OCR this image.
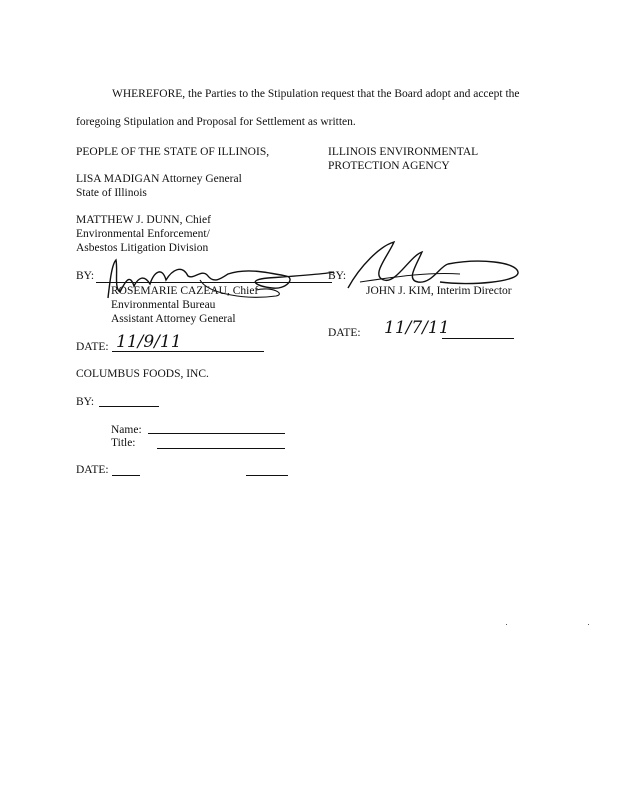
WHEREFORE, the Parties to the Stipulation request that the Board adopt and accept the
foregoing Stipulation and Proposal for Settlement as written.
PEOPLE OF THE STATE OF ILLINOIS,
LISA MADIGAN Attorney General
State of Illinois
MATTHEW J. DUNN, Chief
Environmental Enforcement/
Asbestos Litigation Division
BY:
ROSEMARIE CAZEAU, Chief
Environmental Bureau
Assistant Attorney General
DATE: 11/9/11
ILLINOIS ENVIRONMENTAL
PROTECTION AGENCY
BY:
JOHN J. KIM, Interim Director
DATE: 11/7/11
COLUMBUS FOODS, INC.
BY:
Name:
Title:
DATE:
